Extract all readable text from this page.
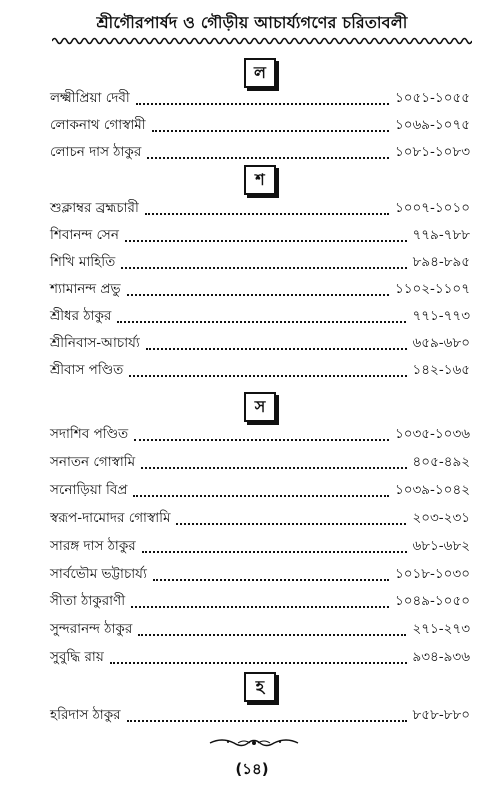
শ্রীগৌরপার্ষদ ও গৌড়ীয় আচার্য্যগণের চরিতাবলী
ল
লক্ষ্মীপ্রিয়া দেবী	১০৫১-১০৫৫
লোকনাথ গোস্বামী	১০৬৯-১০৭৫
লোচন দাস ঠাকুর	১০৮১-১০৮৩
শ
শুক্লাম্বর ব্রহ্মচারী	১০০৭-১০১০
শিবানন্দ সেন	৭৭৯-৭৮৮
শিখি মাহিতি	৮৯৪-৮৯৫
শ্যামানন্দ প্রভু	১১০২-১১০৭
শ্রীধর ঠাকুর	৭৭১-৭৭৩
শ্রীনিবাস-আচার্য্য	৬৫৯-৬৮০
শ্রীবাস পণ্ডিত	১৪২-১৬৫
স
সদাশিব পণ্ডিত	১০৩৫-১০৩৬
সনাতন গোস্বামি	৪০৫-৪৯২
সনোড়িয়া বিপ্র	১০৩৯-১০৪২
স্বরূপ-দামোদর গোস্বামি	২০৩-২৩১
সারঙ্গ দাস ঠাকুর	৬৮১-৬৮২
সার্বভৌম ভট্টাচার্য্য	১০১৮-১০৩০
সীতা ঠাকুরাণী	১০৪৯-১০৫০
সুন্দরানন্দ ঠাকুর	২৭১-২৭৩
সুবুদ্ধি রায়	৯৩৪-৯৩৬
হ
হরিদাস ঠাকুর	৮৫৮-৮৮০
(১৪)
